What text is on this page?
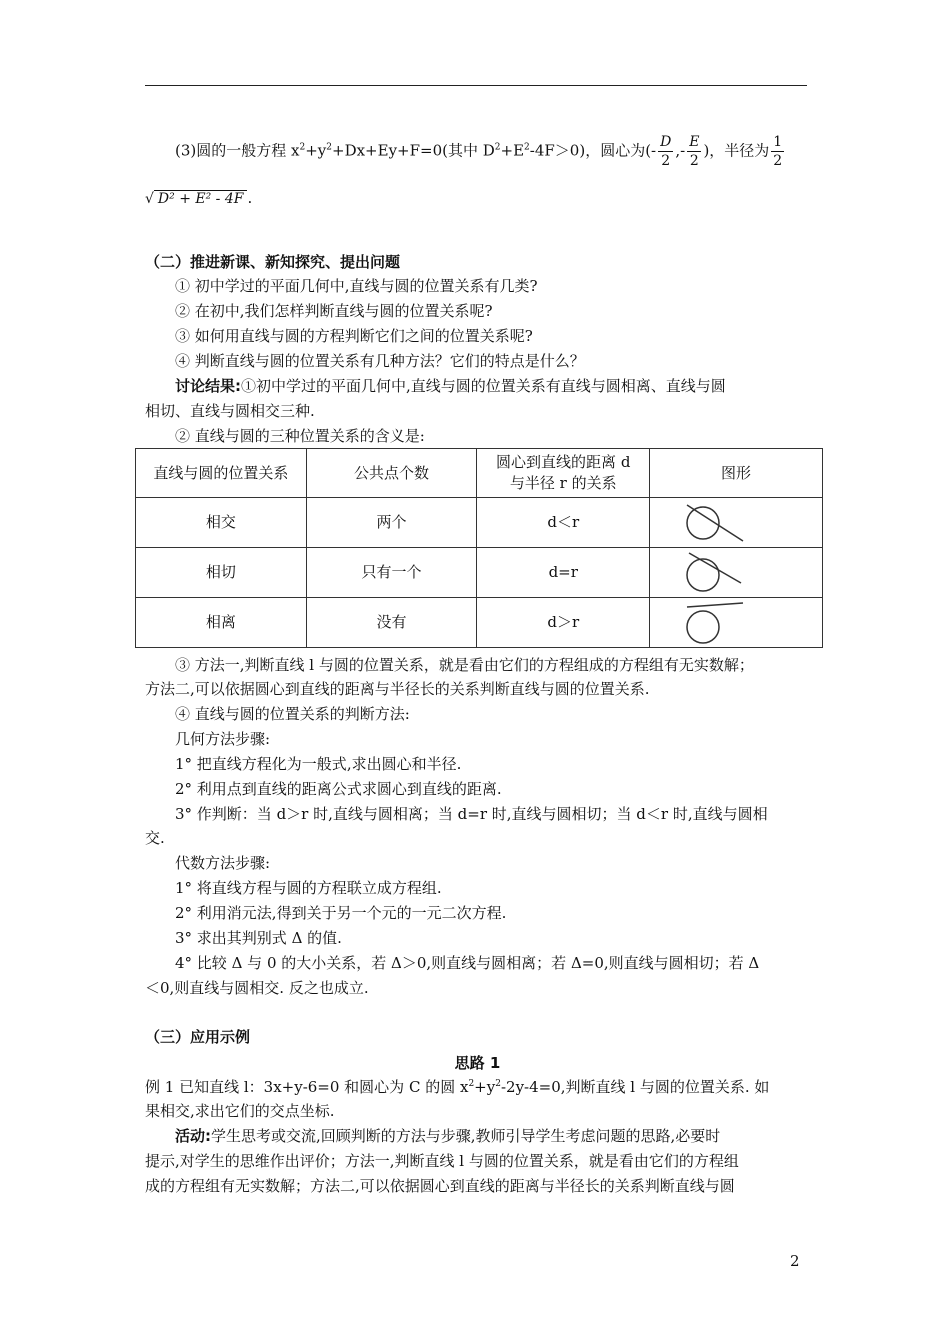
(3)圆的一般方程 $x^2+y^2+Dx+Ey+F=0$(其中 $D^2+E^2-4F>0$)，圆心为(- $\frac{D}{2}$ ,- $\frac{E}{2}$ )，半径为 $\frac{1}{2}$
√ D² + E² - 4F .
（二）推进新课、新知探究、提出问题
① 初中学过的平面几何中,直线与圆的位置关系有几类?
② 在初中,我们怎样判断直线与圆的位置关系呢?
③ 如何用直线与圆的方程判断它们之间的位置关系呢?
④ 判断直线与圆的位置关系有几种方法？它们的特点是什么？
讨论结果:①初中学过的平面几何中,直线与圆的位置关系有直线与圆相离、直线与圆
相切、直线与圆相交三种.
② 直线与圆的三种位置关系的含义是:
直线与圆的位置关系	公共点个数	圆心到直线的距离 d
与半径 r 的关系	图形
相交	两个	d＜r	

相切	只有一个	d=r	

相离	没有	d＞r	
③ 方法一,判断直线 l 与圆的位置关系，就是看由它们的方程组成的方程组有无实数解；
方法二,可以依据圆心到直线的距离与半径长的关系判断直线与圆的位置关系.
④ 直线与圆的位置关系的判断方法:
几何方法步骤:
1° 把直线方程化为一般式,求出圆心和半径.
2° 利用点到直线的距离公式求圆心到直线的距离.
3° 作判断：当 d＞r 时,直线与圆相离；当 d=r 时,直线与圆相切；当 d＜r 时,直线与圆相
交.
代数方法步骤:
1° 将直线方程与圆的方程联立成方程组.
2° 利用消元法,得到关于另一个元的一元二次方程.
3° 求出其判别式 Δ 的值.
4° 比较 Δ 与 0 的大小关系，若 Δ＞0,则直线与圆相离；若 Δ=0,则直线与圆相切；若 Δ
＜0,则直线与圆相交. 反之也成立.
（三）应用示例
思路 1
例 1 已知直线 l：3x+y-6=0 和圆心为 C 的圆 $x^2+y^2-2y-4=0$,判断直线 l 与圆的位置关系. 如
果相交,求出它们的交点坐标.
活动:学生思考或交流,回顾判断的方法与步骤,教师引导学生考虑问题的思路,必要时
提示,对学生的思维作出评价；方法一,判断直线 l 与圆的位置关系，就是看由它们的方程组
成的方程组有无实数解；方法二,可以依据圆心到直线的距离与半径长的关系判断直线与圆
2
